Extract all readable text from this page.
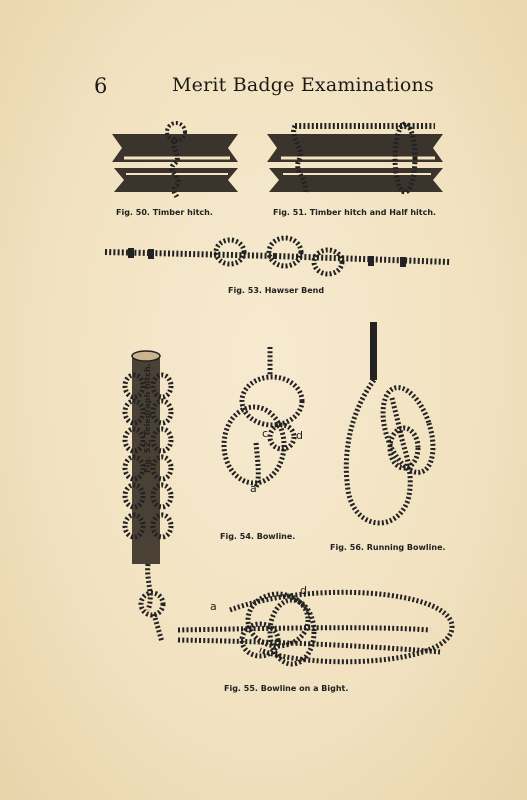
6	Merit Badge Examinations
Fig. 50. Timber hitch.	Fig. 51. Timber hitch and Half hitch.
Fig. 53. Hawser Bend
Fig. 52. Telegraph hitch.	c	d
a
Fig. 54. Bowline.
Fig. 56. Running Bowline.
a
d
Fig. 55. Bowline on a Bight.
